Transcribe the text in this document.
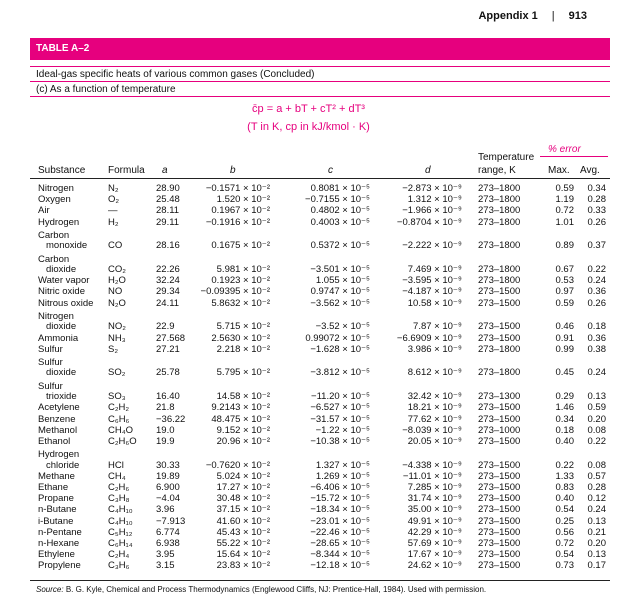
Appendix 1 | 913
TABLE A–2
Ideal-gas specific heats of various common gases (Concluded)
(c) As a function of temperature
c̄p = a + bT + cT² + dT³
(T in K, cp in kJ/kmol · K)
% error
Temperature
Substance Formula a	b	c	d	range, K	Max. Avg.
Nitrogen	N₂	28.90	−0.1571 × 10⁻²	0.8081 × 10⁻⁵	−2.873 × 10⁻⁹ 273–1800	0.59	0.34
Oxygen	O₂	25.48	1.520 × 10⁻²	−0.7155 × 10⁻⁵	1.312 × 10⁻⁹ 273–1800	1.19	0.28
Air	—	28.11	0.1967 × 10⁻²	0.4802 × 10⁻⁵	−1.966 × 10⁻⁹ 273–1800	0.72	0.33
Hydrogen	H₂	29.11	−0.1916 × 10⁻²	0.4003 × 10⁻⁵	−0.8704 × 10⁻⁹ 273–1800	1.01	0.26
Carbon
monoxide CO	28.16	0.1675 × 10⁻²	0.5372 × 10⁻⁵	−2.222 × 10⁻⁹ 273–1800	0.89	0.37
Carbon
dioxide	CO₂	22.26	5.981 × 10⁻²	−3.501 × 10⁻⁵	7.469 × 10⁻⁹ 273–1800	0.67	0.22
Water vapor H₂O	32.24	0.1923 × 10⁻²	1.055 × 10⁻⁵	−3.595 × 10⁻⁹ 273–1800	0.53	0.24
Nitric oxide NO	29.34	−0.09395 × 10⁻²	0.9747 × 10⁻⁵	−4.187 × 10⁻⁹ 273–1500	0.97	0.36
Nitrous oxide N₂O	24.11	5.8632 × 10⁻²	−3.562 × 10⁻⁵	10.58 × 10⁻⁹ 273–1500	0.59	0.26
Nitrogen
dioxide	NO₂	22.9	5.715 × 10⁻²	−3.52 × 10⁻⁵	7.87 × 10⁻⁹ 273–1500	0.46	0.18
Ammonia	NH₃	27.568	2.5630 × 10⁻²	0.99072 × 10⁻⁵	−6.6909 × 10⁻⁹ 273–1500	0.91	0.36
Sulfur	S₂	27.21	2.218 × 10⁻²	−1.628 × 10⁻⁵	3.986 × 10⁻⁹ 273–1800	0.99	0.38
Sulfur
dioxide	SO₂	25.78	5.795 × 10⁻²	−3.812 × 10⁻⁵	8.612 × 10⁻⁹ 273–1800	0.45	0.24
Sulfur
trioxide	SO₃	16.40	14.58 × 10⁻²	−11.20 × 10⁻⁵	32.42 × 10⁻⁹ 273–1300	0.29	0.13
Acetylene	C₂H₂	21.8	9.2143 × 10⁻²	−6.527 × 10⁻⁵	18.21 × 10⁻⁹ 273–1500	1.46	0.59
Benzene	C₆H₆	−36.22	48.475 × 10⁻²	−31.57 × 10⁻⁵	77.62 × 10⁻⁹ 273–1500	0.34	0.20
Methanol	CH₄O 19.0	9.152 × 10⁻²	−1.22 × 10⁻⁵	−8.039 × 10⁻⁹ 273–1000	0.18	0.08
Ethanol	C₂H₆O 19.9	20.96 × 10⁻²	−10.38 × 10⁻⁵	20.05 × 10⁻⁹ 273–1500	0.40	0.22
Hydrogen
chloride	HCl	30.33	−0.7620 × 10⁻²	1.327 × 10⁻⁵	−4.338 × 10⁻⁹ 273–1500	0.22	0.08
Methane	CH₄	19.89	5.024 × 10⁻²	1.269 × 10⁻⁵	−11.01 × 10⁻⁹ 273–1500	1.33	0.57
Ethane	C₂H₆	6.900	17.27 × 10⁻²	−6.406 × 10⁻⁵	7.285 × 10⁻⁹ 273–1500	0.83	0.28
Propane	C₃H₈	−4.04	30.48 × 10⁻²	−15.72 × 10⁻⁵	31.74 × 10⁻⁹ 273–1500	0.40	0.12
n-Butane	C₄H₁₀ 3.96	37.15 × 10⁻²	−18.34 × 10⁻⁵	35.00 × 10⁻⁹ 273–1500	0.54	0.24
i-Butane	C₄H₁₀ −7.913	41.60 × 10⁻²	−23.01 × 10⁻⁵	49.91 × 10⁻⁹ 273–1500	0.25	0.13
n-Pentane	C₅H₁₂ 6.774	45.43 × 10⁻²	−22.46 × 10⁻⁵	42.29 × 10⁻⁹ 273–1500	0.56	0.21
n-Hexane	C₆H₁₄ 6.938	55.22 × 10⁻²	−28.65 × 10⁻⁵	57.69 × 10⁻⁹ 273–1500	0.72	0.20
Ethylene	C₂H₄	3.95	15.64 × 10⁻²	−8.344 × 10⁻⁵	17.67 × 10⁻⁹ 273–1500	0.54	0.13
Propylene	C₃H₆	3.15	23.83 × 10⁻²	−12.18 × 10⁻⁵	24.62 × 10⁻⁹ 273–1500	0.73	0.17
Source: B. G. Kyle, Chemical and Process Thermodynamics (Englewood Cliffs, NJ: Prentice-Hall, 1984). Used with permission.
